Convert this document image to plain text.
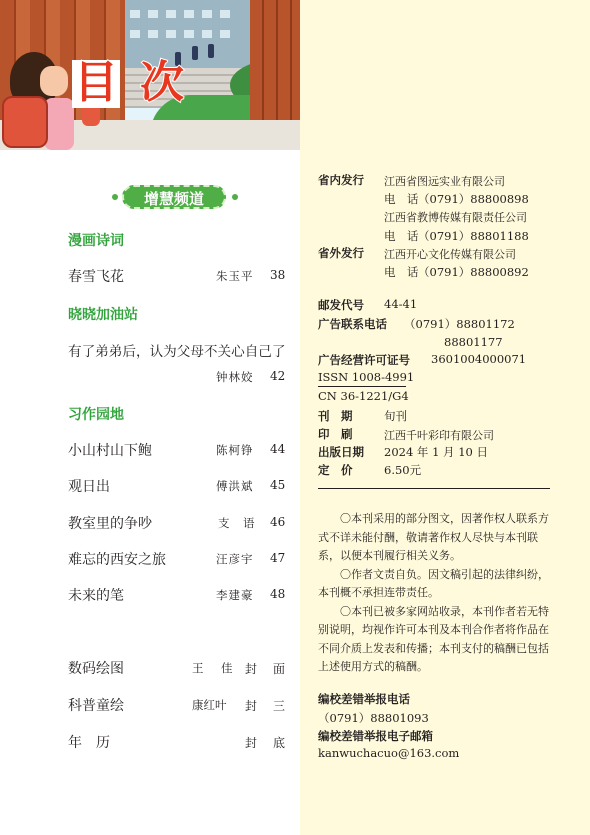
目 次
增慧频道
漫画诗词
春雪飞花	朱玉平 38
晓晓加油站
有了弟弟后，认为父母不关心自己了
钟林姣 42
习作园地
小山村山下鲍	陈柯铮 44
观日出	傅洪斌 45
教室里的争吵	支　语 46
难忘的西安之旅	汪彦宇 47
未来的笔	李建豪 48
数码绘图	王　佳 封　面
科普童绘	康红叶 封　三
年　历	封　底
省内发行 江西省图远实业有限公司
电　话 （0791）88800898
江西省教博传媒有限责任公司
电　话 （0791）88801188
省外发行 江西开心文化传媒有限公司
电　话 （0791）88800892
邮发代号 44-41
广告联系电话 （0791）88801172
88801177
广告经营许可证号 3601004000071
ISSN 1008-4991
CN 36-1221/G4
刊　期	旬刊
印　刷	江西千叶彩印有限公司
出版日期 2024 年 1 月 10 日
定　价	6.50元

〇本刊采用的部分图文，因著作权人联系方式不详未能付酬，敬请著作权人尽快与本刊联系，以便本刊履行相关义务。

〇作者文责自负。因文稿引起的法律纠纷，本刊概不承担连带责任。

〇本刊已被多家网站收录，本刊作者若无特别说明，均视作许可本刊及本刊合作者将作品在不同介质上发表和传播；本刊支付的稿酬已包括上述使用方式的稿酬。

编校差错举报电话
（0791）88801093
编校差错举报电子邮箱
kanwuchacuo@163.com
